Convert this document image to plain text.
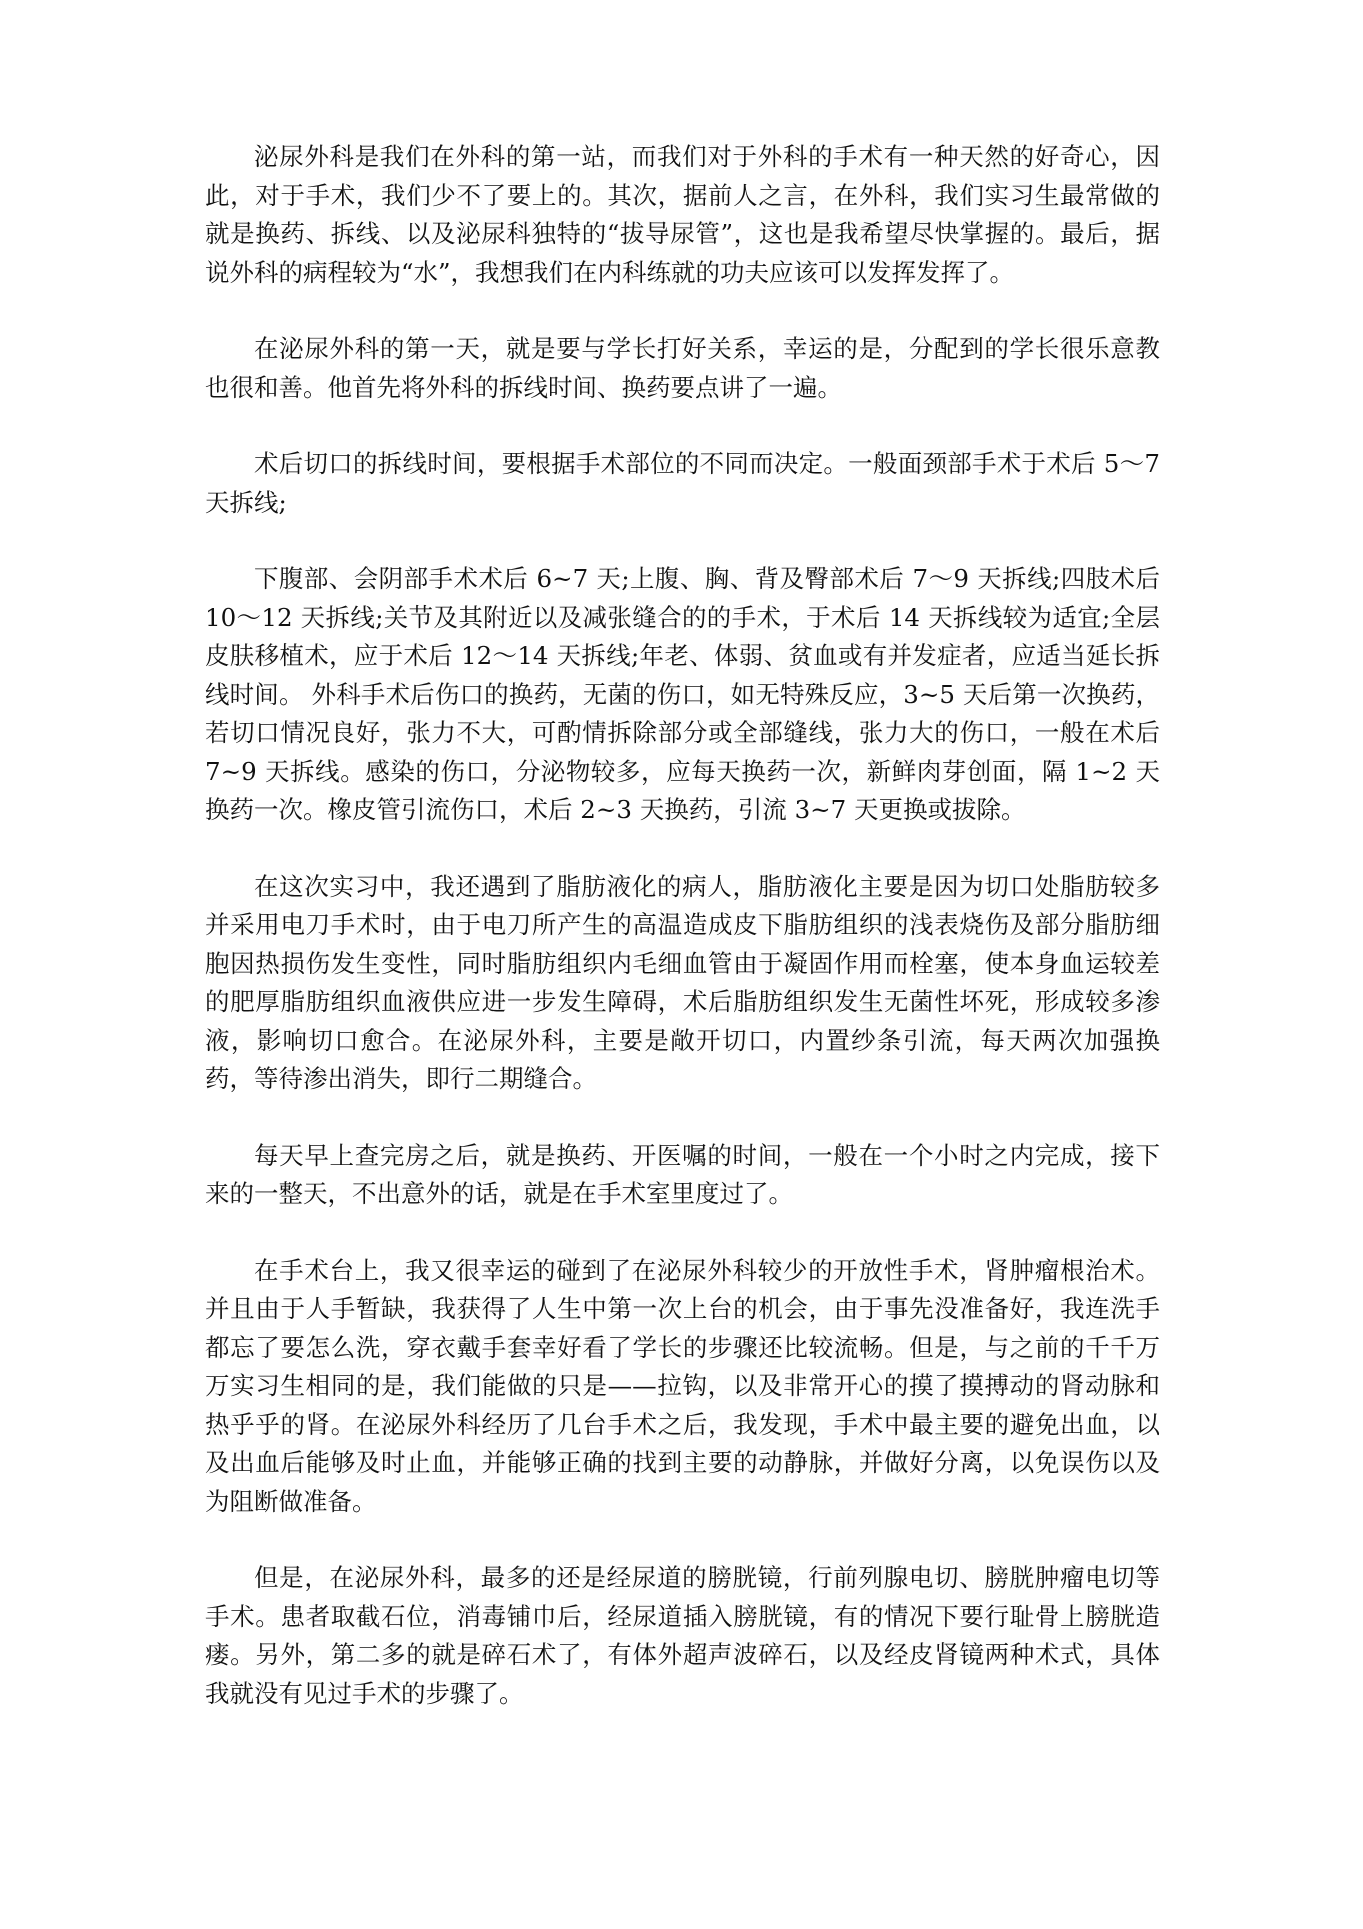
泌尿外科是我们在外科的第一站，而我们对于外科的手术有一种天然的好奇心，因此，对于手术，我们少不了要上的。其次，据前人之言，在外科，我们实习生最常做的就是换药、拆线、以及泌尿科独特的“拔导尿管”，这也是我希望尽快掌握的。最后，据说外科的病程较为“水”，我想我们在内科练就的功夫应该可以发挥发挥了。

在泌尿外科的第一天，就是要与学长打好关系，幸运的是，分配到的学长很乐意教也很和善。他首先将外科的拆线时间、换药要点讲了一遍。

术后切口的拆线时间，要根据手术部位的不同而决定。一般面颈部手术于术后 5～7 天拆线;

下腹部、会阴部手术术后 6~7 天;上腹、胸、背及臀部术后 7～9 天拆线;四肢术后 10～12 天拆线;关节及其附近以及减张缝合的的手术，于术后 14 天拆线较为适宜;全层皮肤移植术，应于术后 12～14 天拆线;年老、体弱、贫血或有并发症者，应适当延长拆线时间。 外科手术后伤口的换药，无菌的伤口，如无特殊反应，3~5 天后第一次换药，若切口情况良好，张力不大，可酌情拆除部分或全部缝线，张力大的伤口，一般在术后 7~9 天拆线。感染的伤口，分泌物较多，应每天换药一次，新鲜肉芽创面，隔 1~2 天换药一次。橡皮管引流伤口，术后 2~3 天换药，引流 3~7 天更换或拔除。

在这次实习中，我还遇到了脂肪液化的病人，脂肪液化主要是因为切口处脂肪较多并采用电刀手术时，由于电刀所产生的高温造成皮下脂肪组织的浅表烧伤及部分脂肪细胞因热损伤发生变性，同时脂肪组织内毛细血管由于凝固作用而栓塞，使本身血运较差的肥厚脂肪组织血液供应进一步发生障碍，术后脂肪组织发生无菌性坏死，形成较多渗液，影响切口愈合。在泌尿外科，主要是敞开切口，内置纱条引流，每天两次加强换药，等待渗出消失，即行二期缝合。

每天早上查完房之后，就是换药、开医嘱的时间，一般在一个小时之内完成，接下来的一整天，不出意外的话，就是在手术室里度过了。

在手术台上，我又很幸运的碰到了在泌尿外科较少的开放性手术，肾肿瘤根治术。并且由于人手暂缺，我获得了人生中第一次上台的机会，由于事先没准备好，我连洗手都忘了要怎么洗，穿衣戴手套幸好看了学长的步骤还比较流畅。但是，与之前的千千万万实习生相同的是，我们能做的只是——拉钩，以及非常开心的摸了摸搏动的肾动脉和热乎乎的肾。在泌尿外科经历了几台手术之后，我发现，手术中最主要的避免出血，以及出血后能够及时止血，并能够正确的找到主要的动静脉，并做好分离，以免误伤以及为阻断做准备。

但是，在泌尿外科，最多的还是经尿道的膀胱镜，行前列腺电切、膀胱肿瘤电切等手术。患者取截石位，消毒铺巾后，经尿道插入膀胱镜，有的情况下要行耻骨上膀胱造瘘。另外，第二多的就是碎石术了，有体外超声波碎石，以及经皮肾镜两种术式，具体我就没有见过手术的步骤了。
